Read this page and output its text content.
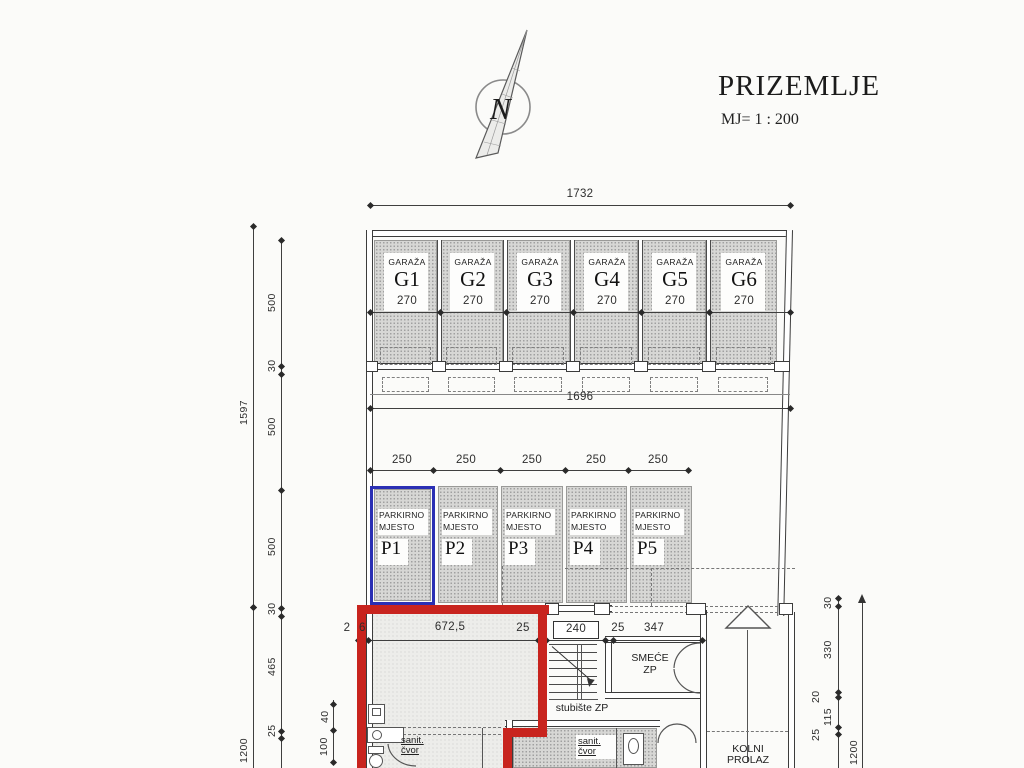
N
PRIZEMLJE
MJ= 1 : 200
1732
GARAŽA	GARAŽA	GARAŽA	GARAŽA	GARAŽA	GARAŽA
G1	G2	G3	G4	G5	G6
270	270	270	270	270	270
1696
250	250	250	250	250
PARKIRNO
MJESTO
P1
PARKIRNO
MJESTO
P2
PARKIRNO
MJESTO
P3
PARKIRNO
MJESTO
P4
PARKIRNO
MJESTO
P5
26	672,5	25	240	25	347
stubište ZP
SMEĆE
ZP
sanit.
čvor
sanit.
čvor	KOLNI
PROLAZ
1597
1200
500
30
500
500
30
465
25
40
100
30
330
20
115
25
1200
